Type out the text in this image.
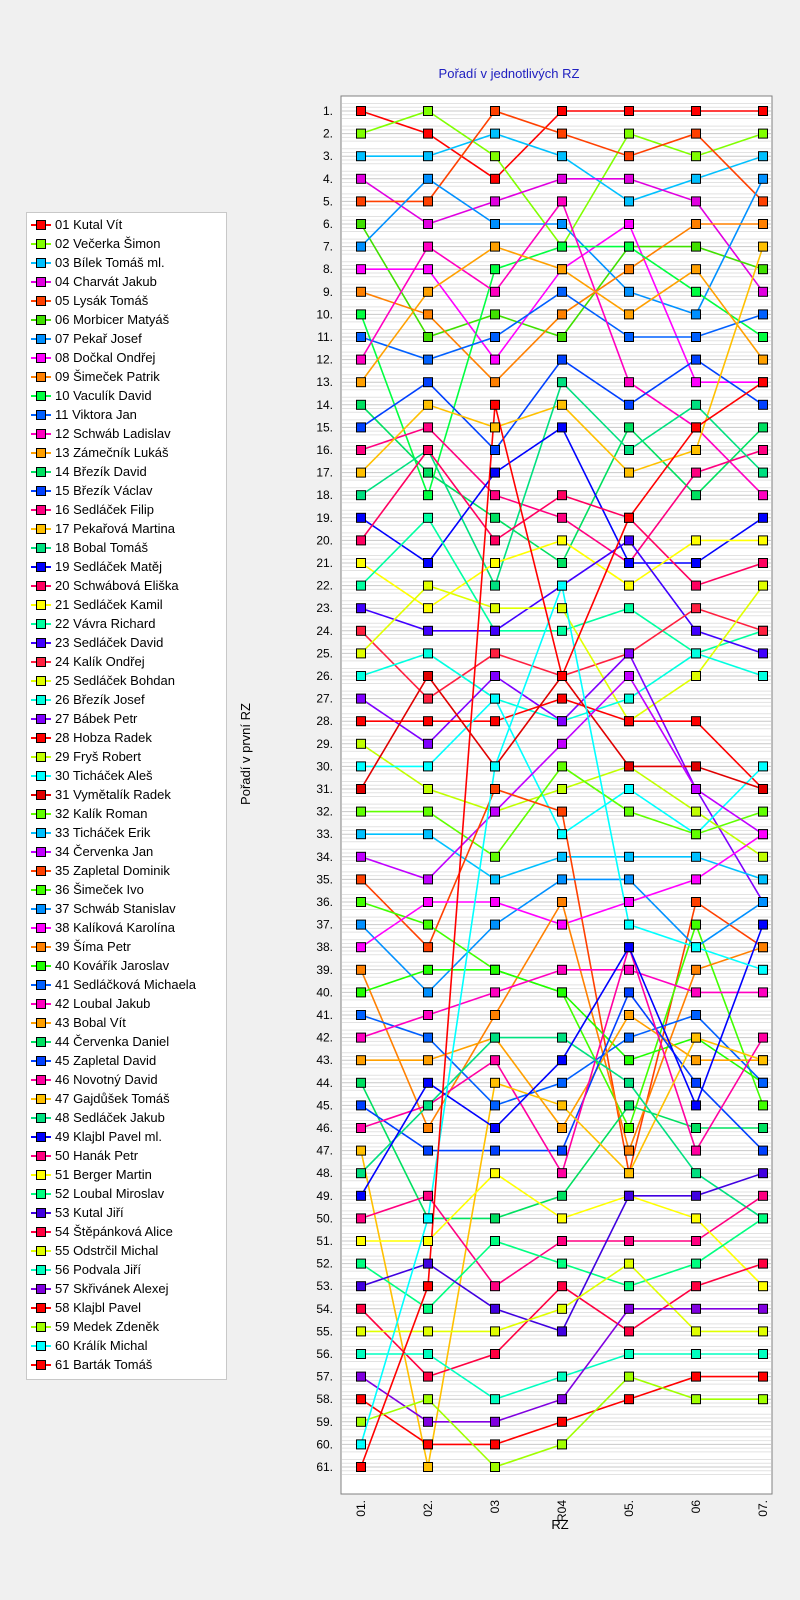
Pořadí v jednotlivých RZ
1.
2.
3.
4.
5.
6.
7.
8.
9.
10.
11.
12.
13.
14.
15.
16.
17.
18.
19.
20.
21.
22.
23.
24.
25.
26.
27.
28.
29.
30.
31.
32.
33.
34.
35.
36.
37.
38.
39.
40.
41.
42.
43.
44.
45.
46.
47.
48.
49.
50.
51.
52.
53.
54.
55.
56.
57.
58.
59.
60.
61.
01.	02.	03	R04	05.	06	07.
RZ
Pořadí v první RZ
01 Kutal Vít
02 Večerka Šimon
03 Bílek Tomáš ml.
04 Charvát Jakub
05 Lysák Tomáš
06 Morbicer Matyáš
07 Pekař Josef
08 Dočkal Ondřej
09 Šimeček Patrik
10 Vaculík David
11 Viktora Jan
12 Schwáb Ladislav
13 Zámečník Lukáš
14 Březík David
15 Březík Václav
16 Sedláček Filip
17 Pekařová Martina
18 Bobal Tomáš
19 Sedláček Matěj
20 Schwábová Eliška
21 Sedláček Kamil
22 Vávra Richard
23 Sedláček David
24 Kalík Ondřej
25 Sedláček Bohdan
26 Březík Josef
27 Bábek Petr
28 Hobza Radek
29 Fryš Robert
30 Ticháček Aleš
31 Vymětalík Radek
32 Kalík Roman
33 Ticháček Erik
34 Červenka Jan
35 Zapletal Dominik
36 Šimeček Ivo
37 Schwáb Stanislav
38 Kalíková Karolína
39 Šíma Petr
40 Kovářík Jaroslav
41 Sedláčková Michaela
42 Loubal Jakub
43 Bobal Vít
44 Červenka Daniel
45 Zapletal David
46 Novotný David
47 Gajdůšek Tomáš
48 Sedláček Jakub
49 Klajbl Pavel ml.
50 Hanák Petr
51 Berger Martin
52 Loubal Miroslav
53 Kutal Jiří
54 Štěpánková Alice
55 Odstrčil Michal
56 Podvala Jiří
57 Skřivánek Alexej
58 Klajbl Pavel
59 Medek Zdeněk
60 Králík Michal
61 Barták Tomáš
